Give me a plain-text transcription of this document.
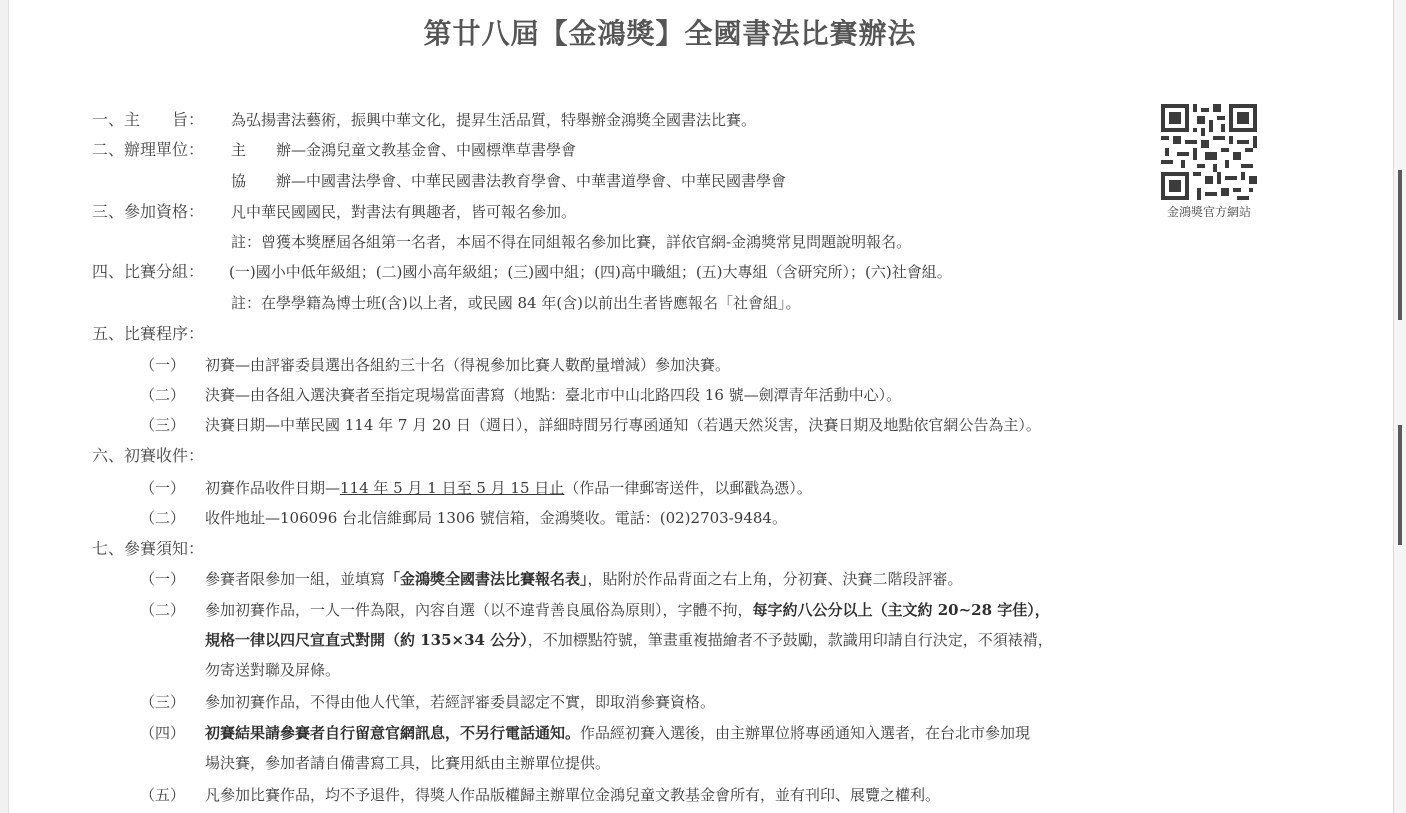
第廿八屆【金鴻獎】全國書法比賽辦法
金鴻獎官方網站
一、主　　旨： 為弘揚書法藝術，振興中華文化，提昇生活品質，特舉辦金鴻獎全國書法比賽。
二、辦理單位： 主　　辦—金鴻兒童文教基金會、中國標準草書學會
協　　辦—中國書法學會、中華民國書法教育學會、中華書道學會、中華民國書學會
三、參加資格： 凡中華民國國民，對書法有興趣者，皆可報名參加。
註：曾獲本獎歷屆各組第一名者，本屆不得在同組報名參加比賽，詳依官網-金鴻獎常見問題說明報名。
四、比賽分組： (一)國小中低年級組；(二)國小高年級組；(三)國中組；(四)高中職組；(五)大專組（含研究所）；(六)社會組。
註：在學學籍為博士班(含)以上者，或民國 84 年(含)以前出生者皆應報名「社會組」。
五、比賽程序：
（一） 初賽—由評審委員選出各組約三十名（得視參加比賽人數酌量增減）參加決賽。
（二） 決賽—由各組入選決賽者至指定現場當面書寫（地點：臺北市中山北路四段 16 號—劍潭青年活動中心）。
（三） 決賽日期—中華民國 114 年 7 月 20 日（週日），詳細時間另行專函通知（若遇天然災害，決賽日期及地點依官網公告為主）。
六、初賽收件：
（一） 初賽作品收件日期—114 年 5 月 1 日至 5 月 15 日止（作品一律郵寄送件，以郵戳為憑）。
（二） 收件地址—106096 台北信維郵局 1306 號信箱，金鴻獎收。電話：(02)2703-9484。
七、參賽須知：
（一） 參賽者限參加一組，並填寫「金鴻獎全國書法比賽報名表」，貼附於作品背面之右上角，分初賽、決賽二階段評審。
（二） 參加初賽作品，一人一件為限，內容自選（以不違背善良風俗為原則），字體不拘，每字約八公分以上（主文約 20~28 字佳），
規格一律以四尺宣直式對開（約 135×34 公分），不加標點符號，筆畫重複描繪者不予鼓勵，款識用印請自行決定，不須裱褙，
勿寄送對聯及屏條。
（三） 參加初賽作品，不得由他人代筆，若經評審委員認定不實，即取消參賽資格。
（四） 初賽結果請參賽者自行留意官網訊息，不另行電話通知。作品經初賽入選後，由主辦單位將專函通知入選者，在台北市參加現
場決賽，參加者請自備書寫工具，比賽用紙由主辦單位提供。
（五） 凡參加比賽作品，均不予退件，得獎人作品版權歸主辦單位金鴻兒童文教基金會所有，並有刊印、展覽之權利。
